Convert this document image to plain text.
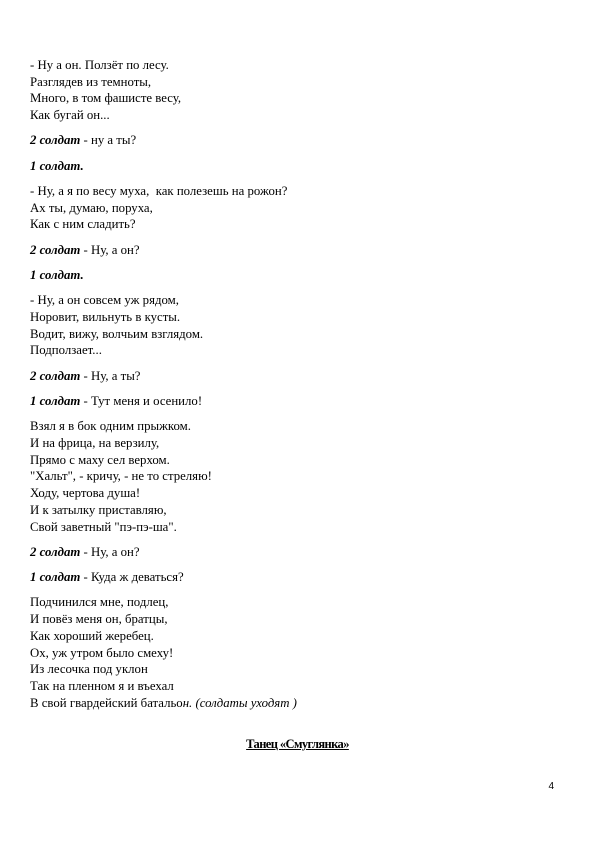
- Ну а он. Ползёт по лесу.
Разглядев из темноты,
Много, в том фашисте весу,
Как бугай он...
2 солдат - ну а ты?
1 солдат.
- Ну, а я по весу муха,  как полезешь на рожон?
Ах ты, думаю, поруха,
Как с ним сладить?
2 солдат - Ну, а он?
1 солдат.
- Ну, а он совсем уж рядом,
Норовит, вильнуть в кусты.
Водит, вижу, волчьим взглядом.
Подползает...
2 солдат - Ну, а ты?
1 солдат - Тут меня и осенило!
Взял я в бок одним прыжком.
И на фрица, на верзилу,
Прямо с маху сел верхом.
"Хальт", - кричу, - не то стреляю!
Ходу, чертова душа!
И к затылку приставляю,
Свой заветный "пэ-пэ-ша".
2 солдат - Ну, а он?
1 солдат - Куда ж деваться?
Подчинился мне, подлец,
И повёз меня он, братцы,
Как хороший жеребец.
Ох, уж утром было смеху!
Из лесочка под уклон
Так на пленном я и въехал
В свой гвардейский батальон. (солдаты уходят )
Танец «Смуглянка»
4
